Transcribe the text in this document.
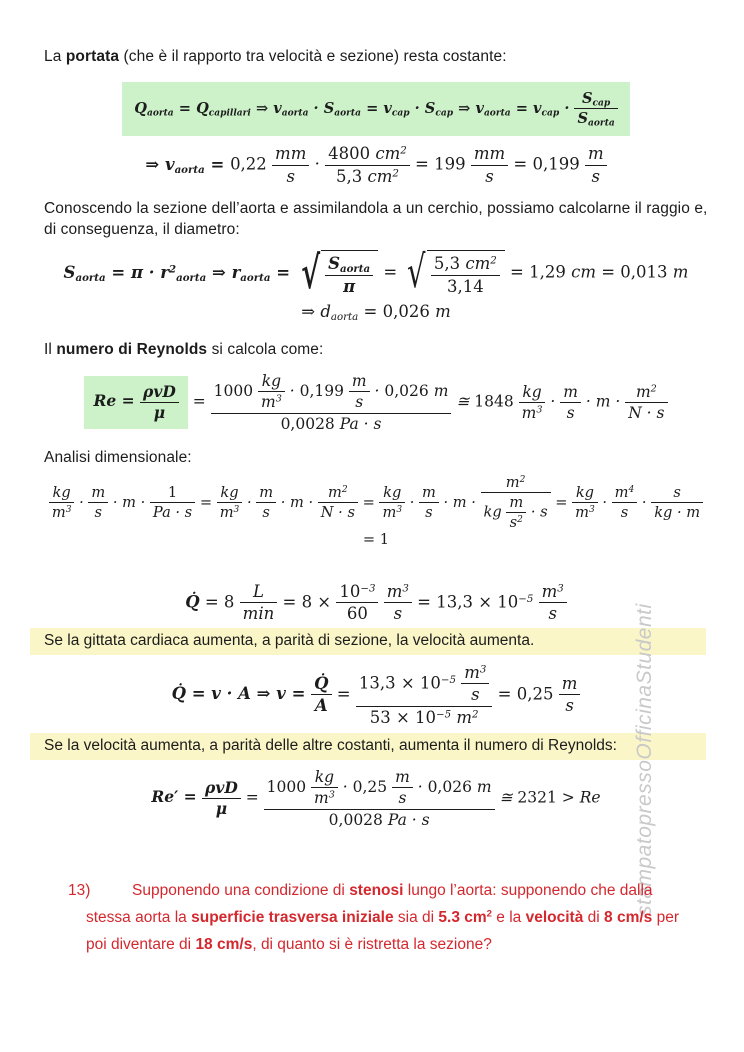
stampatopressoOfficinaStudenti

La portata (che è il rapporto tra velocità e sezione) resta costante:

$Q_{aorta} = Q_{capillari}$ ⇒ $v_{aorta} \cdot S_{aorta} = v_{cap} \cdot S_{cap}$ ⇒ $v_{aorta} = v_{cap} \cdot \frac{S_{cap}}{S_{aorta}}$
⇒ $v_{aorta} = 0,22 \frac{mm}{s} \cdot \frac{4800 cm^2}{5,3 cm^2} = 199 \frac{mm}{s} = 0,199 \frac{m}{s}$

Conoscendo la sezione dell’aorta e assimilandola a un cerchio, possiamo calcolarne il raggio e, di conseguenza, il diametro:

$S_{aorta} = \pi \cdot r^2_{aorta}$ ⇒ $r_{aorta}$ = √ $\frac{S_{aorta}}{\pi}$ = √ $\frac{5,3 cm^2}{3,14} = 1,29$ cm = 0,013 m
⇒ $d_{aorta} = 0,026$ m

Il numero di Reynolds si calcola come:

$Re = \frac{\text{ρvD}}{\mu} = \frac{1000 \frac{kg}{m^3} \cdot 0,199 \frac{m}{s} \cdot 0,026 m}{0,0028 Pa \cdot s}$ ≅ $1848 \frac{kg}{m^3} \cdot \frac{m}{s} \cdot m \cdot \frac{m^2}{N \cdot s}$

Analisi dimensionale:

$\frac{kg}{m^3} \cdot \frac{m}{s} \cdot m \cdot \frac{1}{Pa \cdot s} = \frac{kg}{m^3} \cdot \frac{m}{s} \cdot m \cdot \frac{m^2}{N \cdot s} = \frac{kg}{m^3} \cdot \frac{m}{s} \cdot m \cdot \frac{m^2}{kg \frac{m}{s^2} \cdot s} = \frac{kg}{m^3} \cdot \frac{m^4}{s} \cdot \frac{s}{kg \cdot m}$
= 1
Q̇ = $8 \frac{L}{\min} = 8 \times \frac{10^{-3}}{60}$
$\frac{m^3}{s} = 13,3 \times 10^{-5} \frac{m^3}{s}$
Se la gittata cardiaca aumenta, a parità di sezione, la velocità aumenta.
Q̇ = v · A ⇒ $v = \frac{Q̇}{A} = \frac{13,3 \times 10^{-5} \frac{m^3}{s}}{53 \times 10^{-5} m^2} = 0,25 \frac{m}{s}$
Se la velocità aumenta, a parità delle altre costanti, aumenta il numero di Reynolds:
$Re' = \frac{\text{ρvD}}{\mu} = \frac{1000 \frac{kg}{m^3} \cdot 0,25 \frac{m}{s} \cdot 0,026 m}{0,0028 Pa \cdot s}$ ≅ 2321 > Re
13)	Supponendo una condizione di stenosi lungo l’aorta: supponendo che dalla stessa aorta la superficie trasversa iniziale sia di 5.3 $cm^2$ e la velocità di 8 cm/s per poi diventare di 18 cm/s, di quanto si è ristretta la sezione?
